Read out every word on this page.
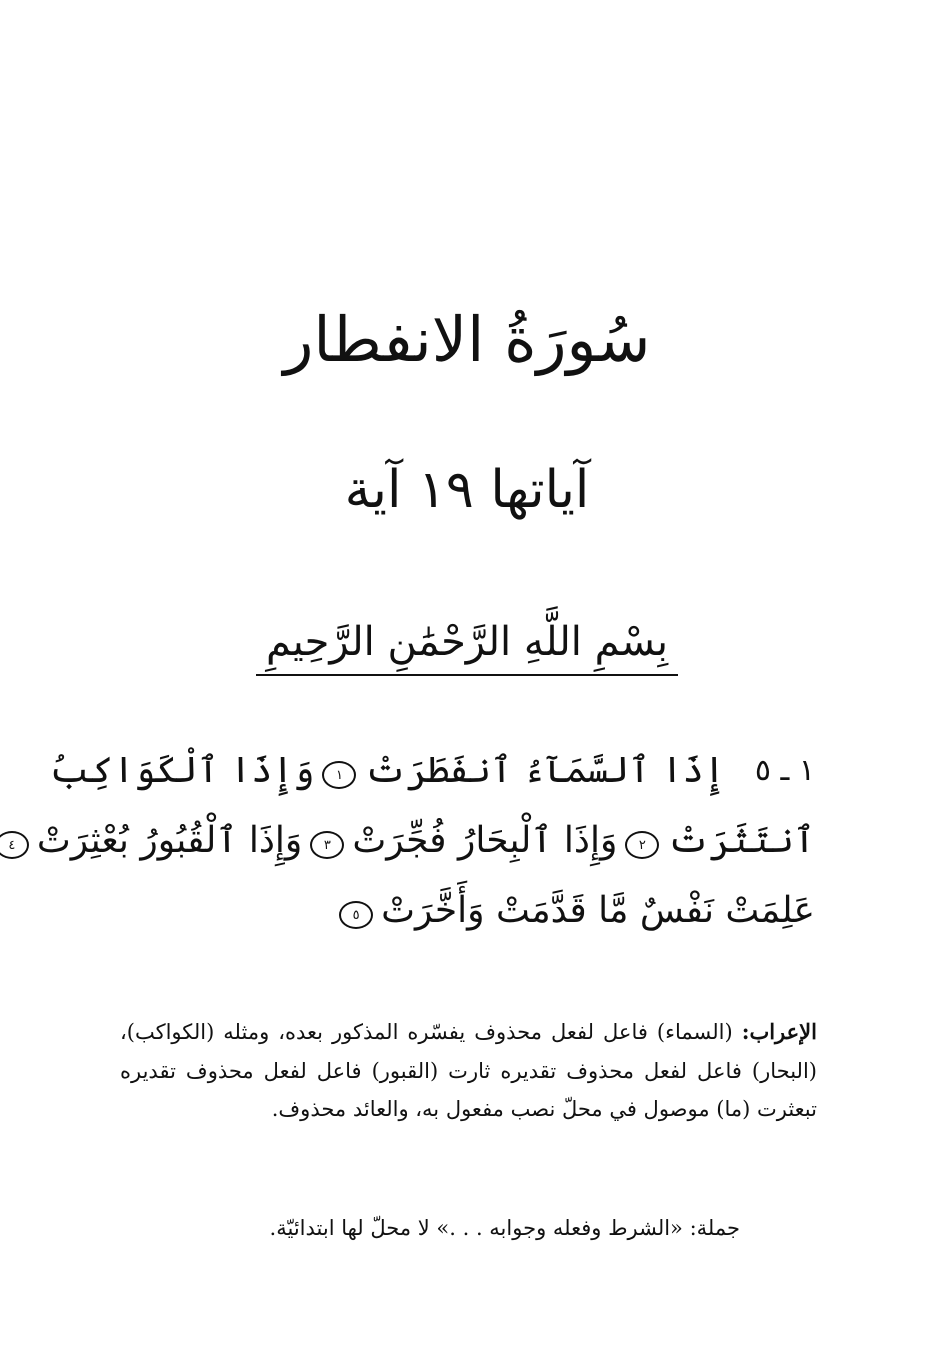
سُورَةُ الانفطار
آياتها ١٩ آية
بِسْمِ اللَّهِ الرَّحْمَٰنِ الرَّحِيمِ
١ ـ ٥
إِذَا ٱلسَّمَآءُ ٱنفَطَرَتْ
١
وَإِذَا ٱلْكَوَاكِبُ
ٱنتَثَرَتْ
٢
وَإِذَا ٱلْبِحَارُ فُجِّرَتْ
٣
وَإِذَا ٱلْقُبُورُ بُعْثِرَتْ
٤
عَلِمَتْ نَفْسٌ مَّا قَدَّمَتْ وَأَخَّرَتْ
٥
الإعراب: (السماء) فاعل لفعل محذوف يفسّره المذكور بعده، ومثله (الكواكب)، (البحار) فاعل لفعل محذوف تقديره ثارت (القبور) فاعل لفعل محذوف تقديره تبعثرت (ما) موصول في محلّ نصب مفعول به، والعائد محذوف.
جملة: «الشرط وفعله وجوابه . . .» لا محلّ لها ابتدائيّة.
